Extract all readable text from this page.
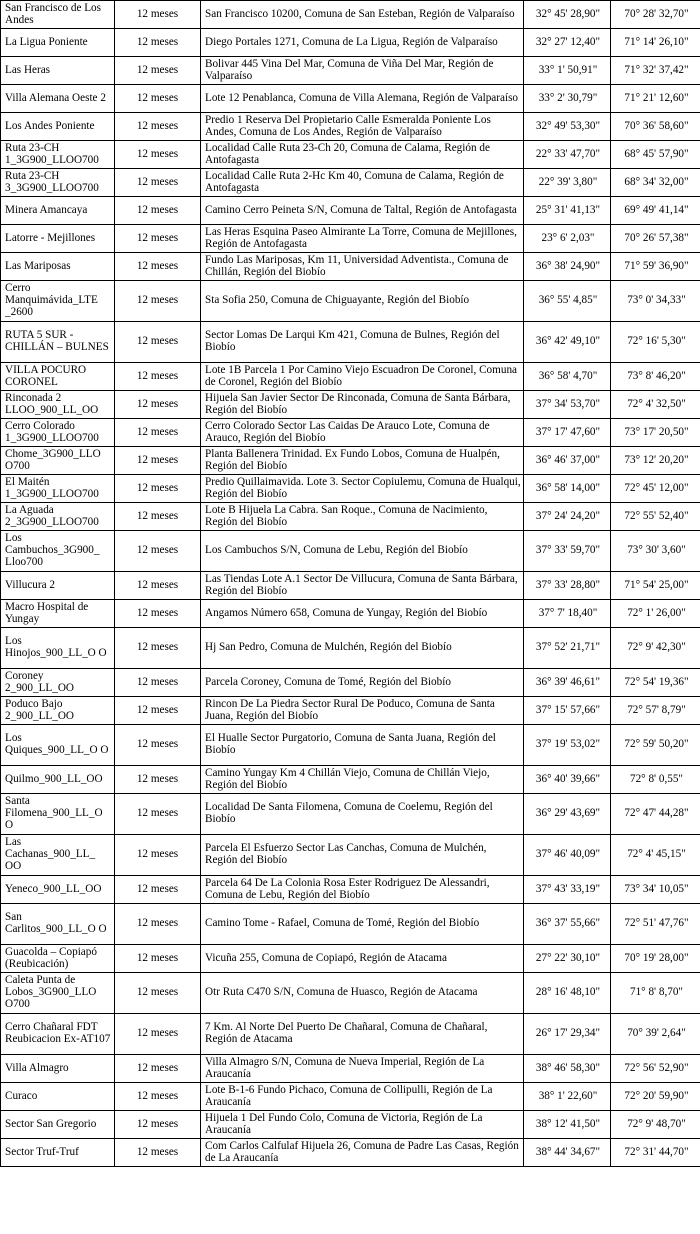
San Francisco de Los Andes	12 meses	San Francisco 10200, Comuna de San Esteban, Región de Valparaíso	32° 45' 28,90"	70° 28' 32,70"
La Ligua Poniente	12 meses	Diego Portales 1271, Comuna de La Ligua, Región de Valparaíso	32° 27' 12,40"	71° 14' 26,10"
Las Heras	12 meses	Bolivar 445 Vina Del Mar, Comuna de Viña Del Mar, Región de Valparaíso	33° 1' 50,91"	71° 32' 37,42"
Villa Alemana Oeste 2	12 meses	Lote 12 Penablanca, Comuna de Villa Alemana, Región de Valparaíso	33° 2' 30,79"	71° 21' 12,60"
Los Andes Poniente	12 meses	Predio 1 Reserva Del Propietario Calle Esmeralda Poniente Los Andes, Comuna de Los Andes, Región de Valparaíso	32° 49' 53,30"	70° 36' 58,60"
Ruta 23-CH 1_3G900_LLOO700	12 meses	Localidad Calle Ruta 23-Ch 20, Comuna de Calama, Región de Antofagasta	22° 33' 47,70"	68° 45' 57,90"
Ruta 23-CH 3_3G900_LLOO700	12 meses	Localidad Calle Ruta 2-Hc Km 40, Comuna de Calama, Región de Antofagasta	22° 39' 3,80"	68° 34' 32,00"
Minera Amancaya	12 meses	Camino Cerro Peineta S/N, Comuna de Taltal, Región de Antofagasta	25° 31' 41,13"	69° 49' 41,14"
Latorre - Mejillones	12 meses	Las Heras Esquina Paseo Almirante La Torre, Comuna de Mejillones, Región de Antofagasta	23° 6' 2,03"	70° 26' 57,38"
Las Mariposas	12 meses	Fundo Las Mariposas, Km 11, Universidad Adventista., Comuna de Chillán, Región del Biobío	36° 38' 24,90"	71° 59' 36,90"
Cerro Manquimávida_LTE _2600	12 meses	Sta Sofia 250, Comuna de Chiguayante, Región del Biobío	36° 55' 4,85"	73° 0' 34,33"
RUTA 5 SUR - CHILLÁN – BULNES	12 meses	Sector Lomas De Larqui Km 421, Comuna de Bulnes, Región del Biobío	36° 42' 49,10"	72° 16' 5,30"
VILLA POCURO CORONEL	12 meses	Lote 1B Parcela 1 Por Camino Viejo Escuadron De Coronel, Comuna de Coronel, Región del Biobío	36° 58' 4,70"	73° 8' 46,20"
Rinconada 2 LLOO_900_LL_OO	12 meses	Hijuela San Javier Sector De Rinconada, Comuna de Santa Bárbara, Región del Biobío	37° 34' 53,70"	72° 4' 32,50"
Cerro Colorado 1_3G900_LLOO700	12 meses	Cerro Colorado Sector Las Caidas De Arauco Lote, Comuna de Arauco, Región del Biobío	37° 17' 47,60"	73° 17' 20,50"
Chome_3G900_LLO O700	12 meses	Planta Ballenera Trinidad. Ex Fundo Lobos, Comuna de Hualpén, Región del Biobío	36° 46' 37,00"	73° 12' 20,20"
El Maitén 1_3G900_LLOO700	12 meses	Predio Quillaimavida. Lote 3. Sector Copiulemu, Comuna de Hualqui, Región del Biobío	36° 58' 14,00"	72° 45' 12,00"
La Aguada 2_3G900_LLOO700	12 meses	Lote B Hijuela La Cabra. San Roque., Comuna de Nacimiento, Región del Biobío	37° 24' 24,20"	72° 55' 52,40"
Los Cambuchos_3G900_ Lloo700	12 meses	Los Cambuchos S/N, Comuna de Lebu, Región del Biobío	37° 33' 59,70"	73° 30' 3,60"
Villucura 2	12 meses	Las Tiendas Lote A.1 Sector De Villucura, Comuna de Santa Bárbara, Región del Biobío	37° 33' 28,80"	71° 54' 25,00"
Macro Hospital de Yungay	12 meses	Angamos Número 658, Comuna de Yungay, Región del Biobío	37° 7' 18,40"	72° 1' 26,00"
Los Hinojos_900_LL_O O	12 meses	Hj San Pedro, Comuna de Mulchén, Región del Biobío	37° 52' 21,71"	72° 9' 42,30"
Coroney 2_900_LL_OO	12 meses	Parcela Coroney, Comuna de Tomé, Región del Biobío	36° 39' 46,61"	72° 54' 19,36"
Poduco Bajo 2_900_LL_OO	12 meses	Rincon De La Piedra Sector Rural De Poduco, Comuna de Santa Juana, Región del Biobío	37° 15' 57,66"	72° 57' 8,79"
Los Quiques_900_LL_O O	12 meses	El Hualle Sector Purgatorio, Comuna de Santa Juana, Región del Biobío	37° 19' 53,02"	72° 59' 50,20"
Quilmo_900_LL_OO	12 meses	Camino Yungay Km 4 Chillán Viejo, Comuna de Chillán Viejo, Región del Biobío	36° 40' 39,66"	72° 8' 0,55"
Santa Filomena_900_LL_O O	12 meses	Localidad De Santa Filomena, Comuna de Coelemu, Región del Biobío	36° 29' 43,69"	72° 47' 44,28"
Las Cachanas_900_LL_ OO	12 meses	Parcela El Esfuerzo Sector Las Canchas, Comuna de Mulchén, Región del Biobío	37° 46' 40,09"	72° 4' 45,15"
Yeneco_900_LL_OO	12 meses	Parcela 64 De La Colonia Rosa Ester Rodriguez De Alessandri, Comuna de Lebu, Región del Biobío	37° 43' 33,19"	73° 34' 10,05"
San Carlitos_900_LL_O O	12 meses	Camino Tome - Rafael, Comuna de Tomé, Región del Biobío	36° 37' 55,66"	72° 51' 47,76"
Guacolda – Copiapó (Reubicación)	12 meses	Vicuña 255, Comuna de Copiapó, Región de Atacama	27° 22' 30,10"	70° 19' 28,00"
Caleta Punta de Lobos_3G900_LLO O700	12 meses	Otr Ruta C470 S/N, Comuna de Huasco, Región de Atacama	28° 16' 48,10"	71° 8' 8,70"
Cerro Chañaral FDT Reubicacion Ex-AT107	12 meses	7 Km. Al Norte Del Puerto De Chañaral, Comuna de Chañaral, Región de Atacama	26° 17' 29,34"	70° 39' 2,64"
Villa Almagro	12 meses	Villa Almagro S/N, Comuna de Nueva Imperial, Región de La Araucanía	38° 46' 58,30"	72° 56' 52,90"
Curaco	12 meses	Lote B-1-6 Fundo Pichaco, Comuna de Collipulli, Región de La Araucanía	38° 1' 22,60"	72° 20' 59,90"
Sector San Gregorio	12 meses	Hijuela 1 Del Fundo Colo, Comuna de Victoria, Región de La Araucanía	38° 12' 41,50"	72° 9' 48,70"
Sector Truf-Truf	12 meses	Com Carlos Calfulaf Hijuela 26, Comuna de Padre Las Casas, Región de La Araucanía	38° 44' 34,67"	72° 31' 44,70"
